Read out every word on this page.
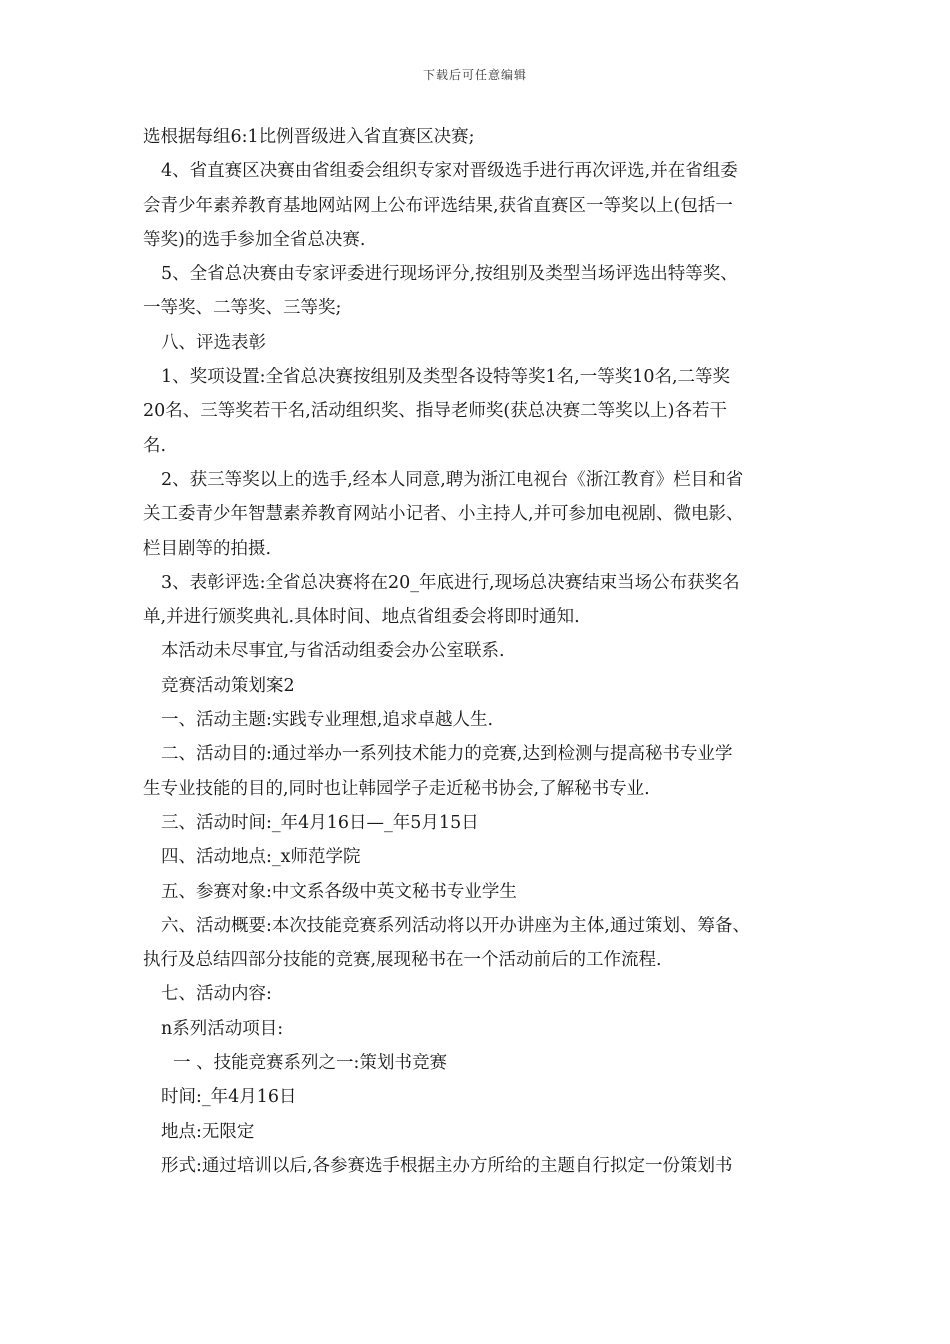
下载后可任意编辑
选根据每组6:1比例晋级进入省直赛区决赛;
4、省直赛区决赛由省组委会组织专家对晋级选手进行再次评选,并在省组委
会青少年素养教育基地网站网上公布评选结果,获省直赛区一等奖以上(包括一
等奖)的选手参加全省总决赛.
5、全省总决赛由专家评委进行现场评分,按组别及类型当场评选出特等奖、
一等奖、二等奖、三等奖;
八、评选表彰
1、奖项设置:全省总决赛按组别及类型各设特等奖1名,一等奖10名,二等奖
20名、三等奖若干名,活动组织奖、指导老师奖(获总决赛二等奖以上)各若干
名.
2、获三等奖以上的选手,经本人同意,聘为浙江电视台《浙江教育》栏目和省
关工委青少年智慧素养教育网站小记者、小主持人,并可参加电视剧、微电影、
栏目剧等的拍摄.
3、表彰评选:全省总决赛将在20_年底进行,现场总决赛结束当场公布获奖名
单,并进行颁奖典礼.具体时间、地点省组委会将即时通知.
本活动未尽事宜,与省活动组委会办公室联系.
竞赛活动策划案2
一、活动主题:实践专业理想,追求卓越人生.
二、活动目的:通过举办一系列技术能力的竞赛,达到检测与提高秘书专业学
生专业技能的目的,同时也让韩园学子走近秘书协会,了解秘书专业.
三、活动时间:_年4月16日—_年5月15日
四、活动地点:_x师范学院
五、参赛对象:中文系各级中英文秘书专业学生
六、活动概要:本次技能竞赛系列活动将以开办讲座为主体,通过策划、筹备、
执行及总结四部分技能的竞赛,展现秘书在一个活动前后的工作流程.
七、活动内容:
n系列活动项目:
一 、技能竞赛系列之一:策划书竞赛
时间:_年4月16日
地点:无限定
形式:通过培训以后,各参赛选手根据主办方所给的主题自行拟定一份策划书
